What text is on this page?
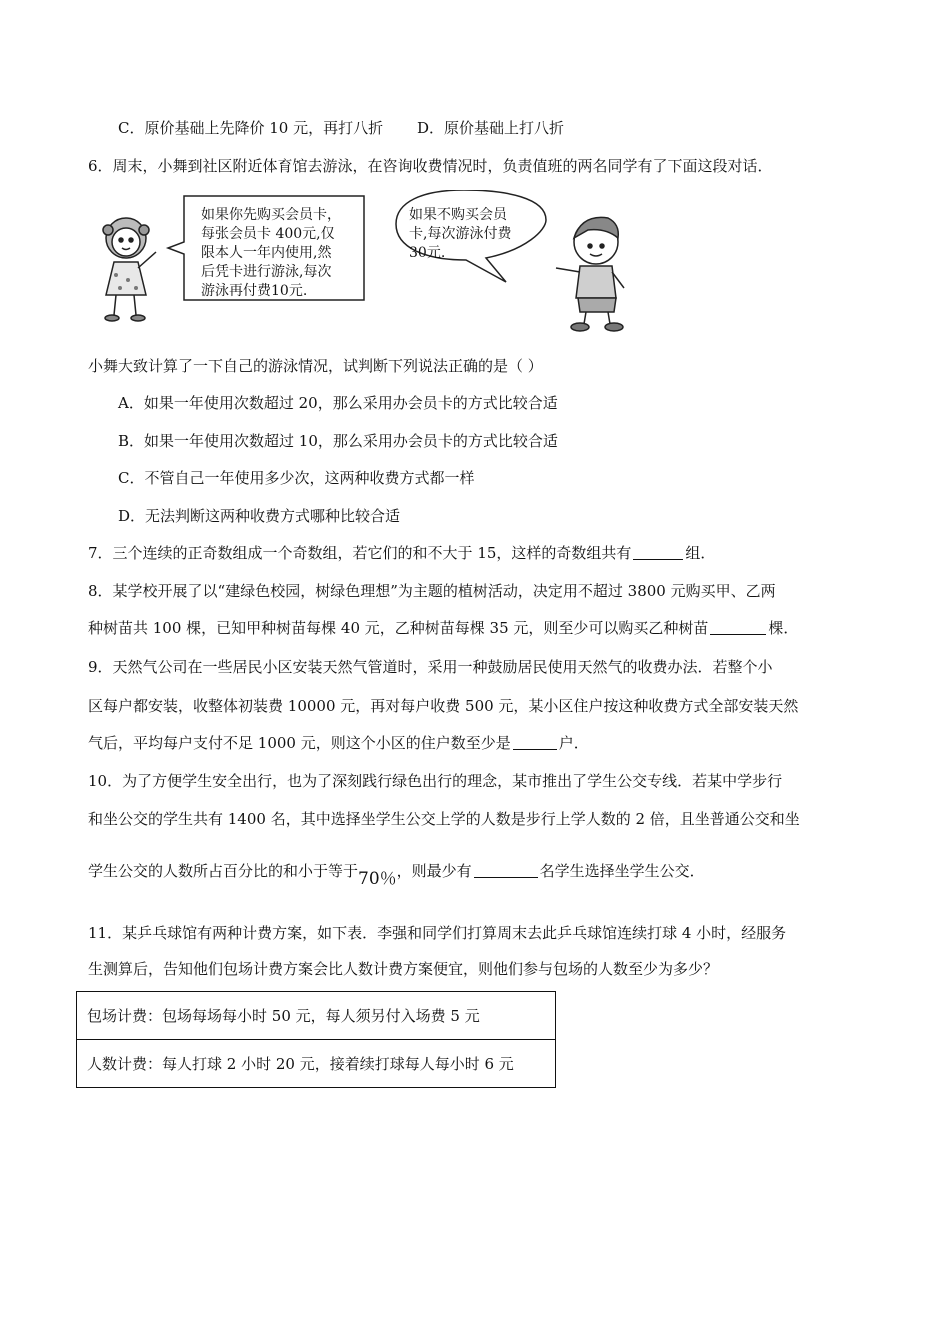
C．原价基础上先降价 10 元，再打八折 D．原价基础上打八折
6．周末，小舞到社区附近体育馆去游泳，在咨询收费情况时，负责值班的两名同学有了下面这段对话．
如果你先购买会员卡，
每张会员卡 400元,仅
限本人一年内使用,然
后凭卡进行游泳,每次
游泳再付费10元.
如果不购买会员
卡,每次游泳付费
30元.
小舞大致计算了一下自己的游泳情况，试判断下列说法正确的是（ ）
A．如果一年使用次数超过 20，那么采用办会员卡的方式比较合适
B．如果一年使用次数超过 10，那么采用办会员卡的方式比较合适
C．不管自己一年使用多少次，这两种收费方式都一样
D．无法判断这两种收费方式哪种比较合适
7．三个连续的正奇数组成一个奇数组，若它们的和不大于 15，这样的奇数组共有	组．
8．某学校开展了以“建绿色校园，树绿色理想”为主题的植树活动，决定用不超过 3800 元购买甲、乙两
种树苗共 100 棵，已知甲种树苗每棵 40 元，乙种树苗每棵 35 元，则至少可以购买乙种树苗	棵．
9．天然气公司在一些居民小区安装天然气管道时，采用一种鼓励居民使用天然气的收费办法．若整个小
区每户都安装，收整体初装费 10000 元，再对每户收费 500 元，某小区住户按这种收费方式全部安装天然
气后，平均每户支付不足 1000 元，则这个小区的住户数至少是	户．
10．为了方便学生安全出行，也为了深刻践行绿色出行的理念，某市推出了学生公交专线．若某中学步行
和坐公交的学生共有 1400 名，其中选择坐学生公交上学的人数是步行上学人数的 2 倍，且坐普通公交和坐
学生公交的人数所占百分比的和小于等于70％，则最少有	名学生选择坐学生公交．
11．某乒乓球馆有两种计费方案，如下表．李强和同学们打算周末去此乒乓球馆连续打球 4 小时，经服务
生测算后，告知他们包场计费方案会比人数计费方案便宜，则他们参与包场的人数至少为多少？
包场计费：包场每场每小时 50 元，每人须另付入场费 5 元
人数计费：每人打球 2 小时 20 元，接着续打球每人每小时 6 元
